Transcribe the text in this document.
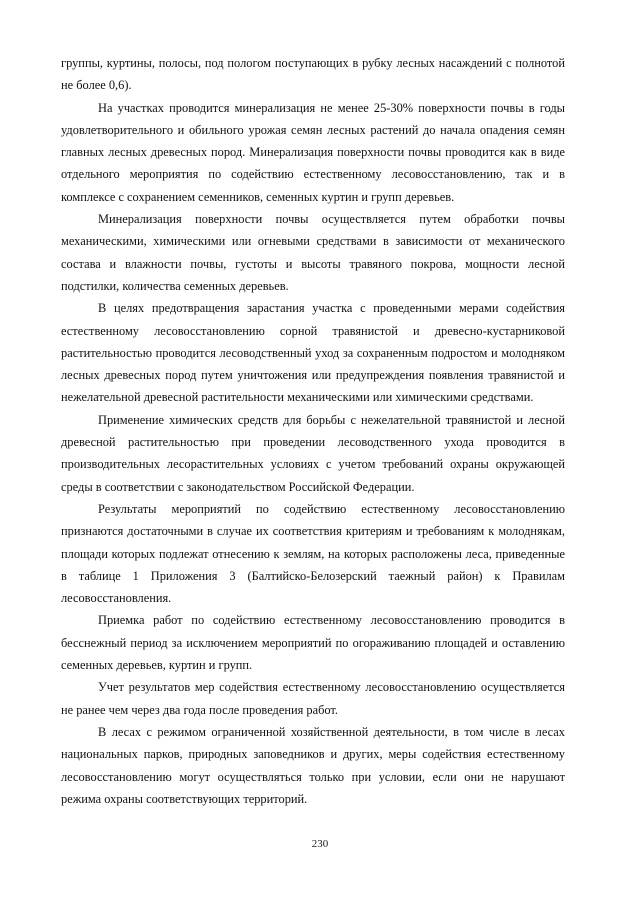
группы, куртины, полосы, под пологом поступающих в рубку лесных насаждений с полнотой не более 0,6).

На участках проводится минерализация не менее 25-30% поверхности почвы в годы удовлетворительного и обильного урожая семян лесных растений до начала опадения семян главных лесных древесных пород. Минерализация поверхности почвы проводится как в виде отдельного мероприятия по содействию естественному лесовосстановлению, так и в комплексе с сохранением семенников, семенных куртин и групп деревьев.

Минерализация поверхности почвы осуществляется путем обработки почвы механическими, химическими или огневыми средствами в зависимости от механического состава и влажности почвы, густоты и высоты травяного покрова, мощности лесной подстилки, количества семенных деревьев.

В целях предотвращения зарастания участка с проведенными мерами содействия естественному лесовосстановлению сорной травянистой и древесно-кустарниковой растительностью проводится лесоводственный уход за сохраненным подростом и молодняком лесных древесных пород путем уничтожения или предупреждения появления травянистой и нежелательной древесной растительности механическими или химическими средствами.

Применение химических средств для борьбы с нежелательной травянистой и лесной древесной растительностью при проведении лесоводственного ухода проводится в производительных лесорастительных условиях с учетом требований охраны окружающей среды в соответствии с законодательством Российской Федерации.

Результаты мероприятий по содействию естественному лесовосстановлению признаются достаточными в случае их соответствия критериям и требованиям к молоднякам, площади которых подлежат отнесению к землям, на которых расположены леса, приведенные в таблице 1 Приложения 3 (Балтийско-Белозерский таежный район) к Правилам лесовосстановления.

Приемка работ по содействию естественному лесовосстановлению проводится в бесснежный период за исключением мероприятий по огораживанию площадей и оставлению семенных деревьев, куртин и групп.

Учет результатов мер содействия естественному лесовосстановлению осуществляется не ранее чем через два года после проведения работ.

В лесах с режимом ограниченной хозяйственной деятельности, в том числе в лесах национальных парков, природных заповедников и других, меры содействия естественному лесовосстановлению могут осуществляться только при условии, если они не нарушают режима охраны соответствующих территорий.

230
